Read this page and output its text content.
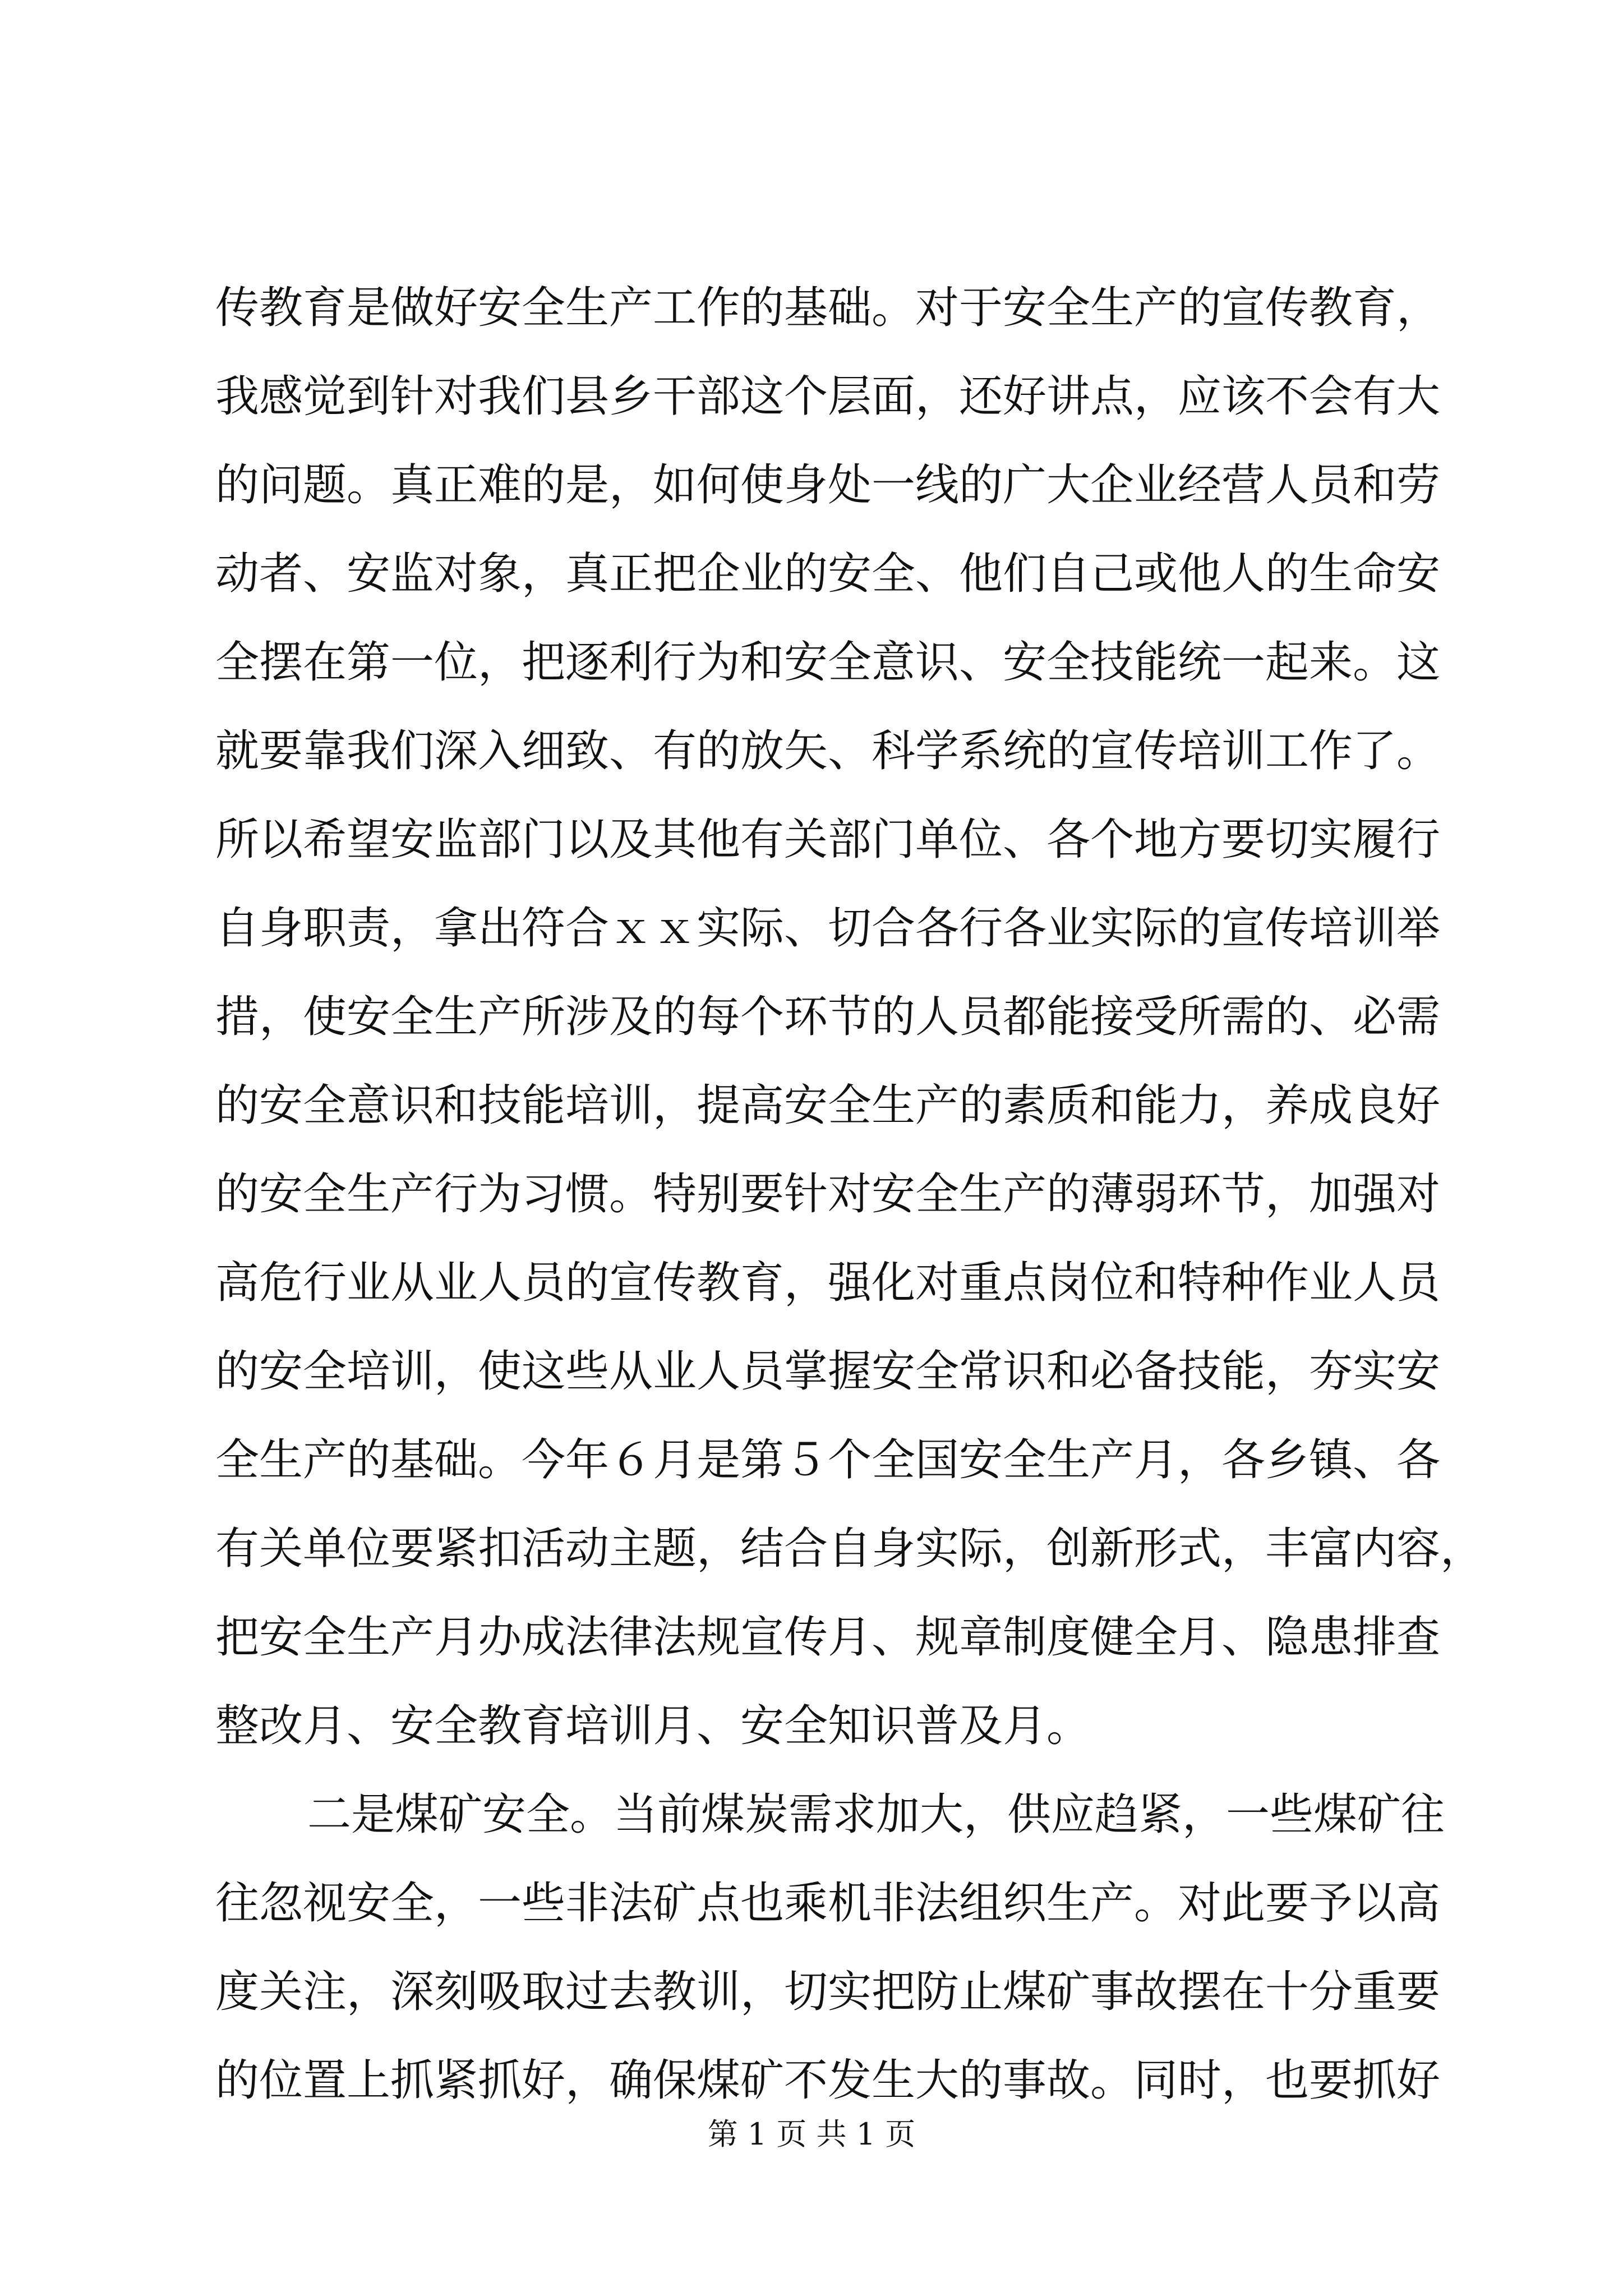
传教育是做好安全生产工作的基础。对于安全生产的宣传教育，
我感觉到针对我们县乡干部这个层面，还好讲点，应该不会有大
的问题。真正难的是，如何使身处一线的广大企业经营人员和劳
动者、安监对象，真正把企业的安全、他们自己或他人的生命安
全摆在第一位，把逐利行为和安全意识、安全技能统一起来。这
就要靠我们深入细致、有的放矢、科学系统的宣传培训工作了。
所以希望安监部门以及其他有关部门单位、各个地方要切实履行
自身职责，拿出符合ｘｘ实际、切合各行各业实际的宣传培训举
措，使安全生产所涉及的每个环节的人员都能接受所需的、必需
的安全意识和技能培训，提高安全生产的素质和能力，养成良好
的安全生产行为习惯。特别要针对安全生产的薄弱环节，加强对
高危行业从业人员的宣传教育，强化对重点岗位和特种作业人员
的安全培训，使这些从业人员掌握安全常识和必备技能，夯实安
全生产的基础。今年６月是第５个全国安全生产月，各乡镇、各
有关单位要紧扣活动主题，结合自身实际，创新形式，丰富内容，
把安全生产月办成法律法规宣传月、规章制度健全月、隐患排查
整改月、安全教育培训月、安全知识普及月。
二是煤矿安全。当前煤炭需求加大，供应趋紧，一些煤矿往
往忽视安全，一些非法矿点也乘机非法组织生产。对此要予以高
度关注，深刻吸取过去教训，切实把防止煤矿事故摆在十分重要
的位置上抓紧抓好，确保煤矿不发生大的事故。同时，也要抓好
第 1 页 共 1 页
